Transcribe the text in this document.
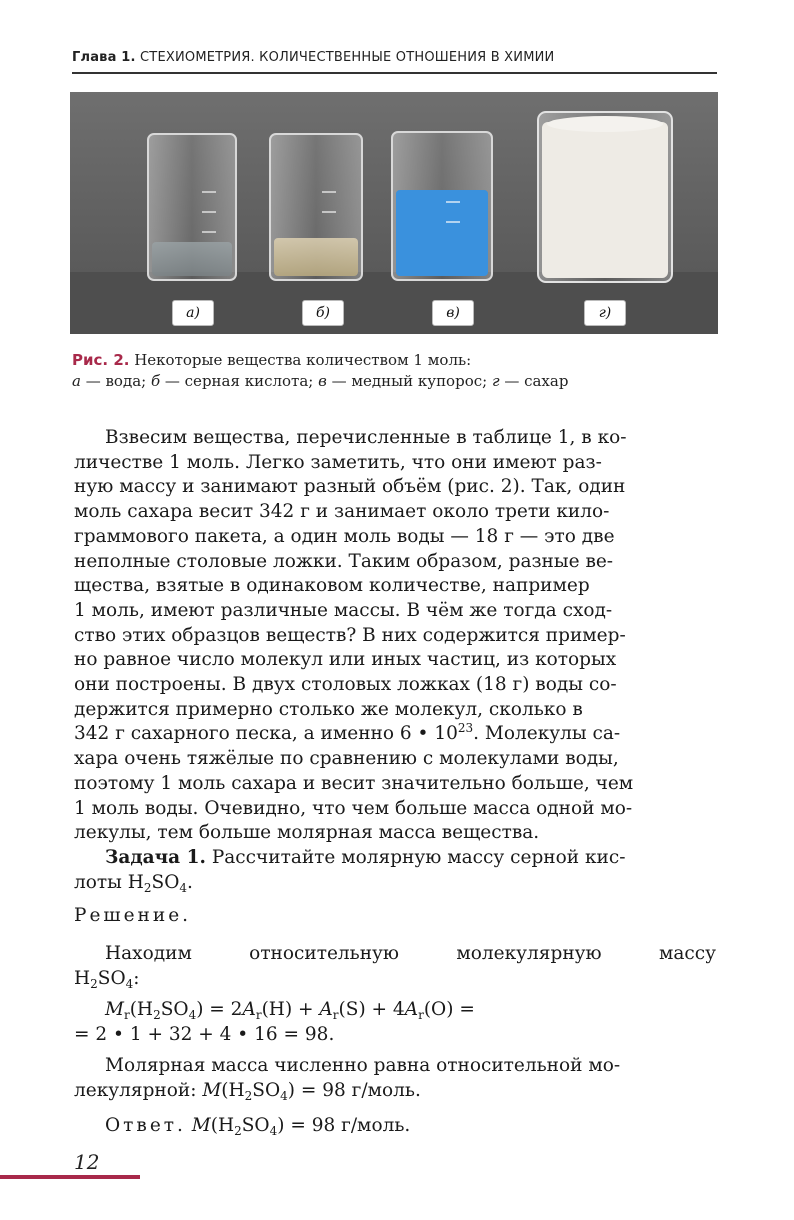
Глава 1. СТЕХИОМЕТРИЯ. КОЛИЧЕСТВЕННЫЕ ОТНОШЕНИЯ В ХИМИИ
а)	б)	в)	г)
Рис. 2. Некоторые вещества количеством 1 моль:
а — вода; б — серная кислота; в — медный купорос; г — сахар
Взвесим вещества, перечисленные в таблице 1, в ко-
личестве 1 моль. Легко заметить, что они имеют раз-
ную массу и занимают разный объём (рис. 2). Так, один
моль сахара весит 342 г и занимает около трети кило-
граммового пакета, а один моль воды — 18 г — это две
неполные столовые ложки. Таким образом, разные ве-
щества, взятые в одинаковом количестве, например
1 моль, имеют различные массы. В чём же тогда сход-
ство этих образцов веществ? В них содержится пример-
но равное число молекул или иных частиц, из которых
они построены. В двух столовых ложках (18 г) воды со-
держится примерно столько же молекул, сколько в
342 г сахарного песка, а именно 6 • $10^{23}$. Молекулы са-
хара очень тяжёлые по сравнению с молекулами воды,
поэтому 1 моль сахара и весит значительно больше, чем
1 моль воды. Очевидно, что чем больше масса одной мо-
лекулы, тем больше молярная масса вещества.
Задача 1. Рассчитайте молярную массу серной кис-
лоты $H_2SO_4$.
Решение.
Находим относительную молекулярную массу
$H_2SO_4$:
$M_r(H_2SO_4) = 2A_r(H) + A_r(S) + 4A_r(O)$ =
= 2 • 1 + 32 + 4 • 16 = 98.
Молярная масса численно равна относительной мо-
лекулярной: $M(H_2SO_4) = 98$ г/моль.
Ответ. $M(H_2SO_4) = 98$ г/моль.
12
